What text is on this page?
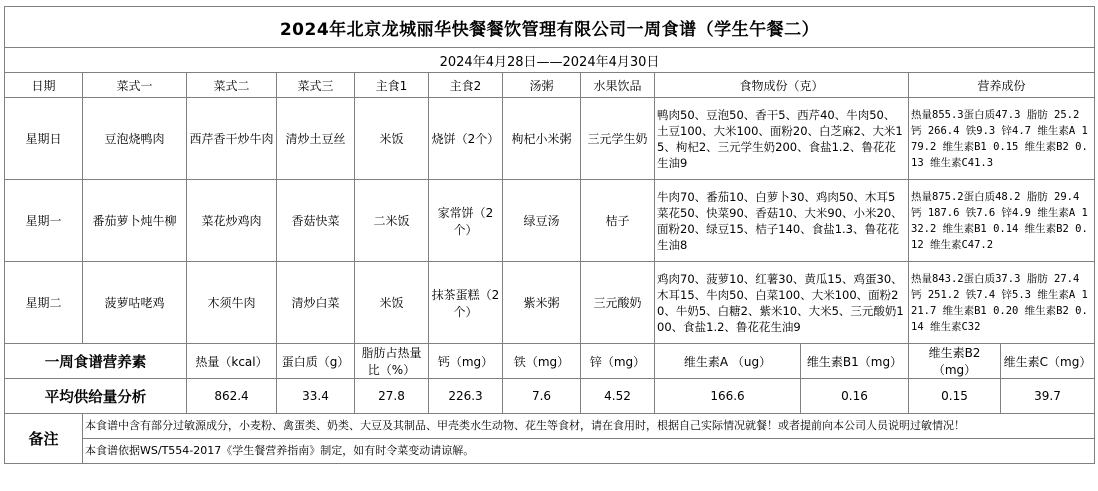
2024年北京龙城丽华快餐餐饮管理有限公司一周食谱（学生午餐二）											
2024年4月28日——2024年4月30日											
日期	菜式一	菜式二	菜式三	主食1	主食2	汤粥	水果饮品	食物成份（克）		营养成份	
星期日	豆泡烧鸭肉	西芹香干炒牛肉	清炒土豆丝	米饭	烧饼（2个）	枸杞小米粥	三元学生奶	鸭肉50、豆泡50、香干5、西芹40、牛肉50、土豆100、大米100、面粉20、白芝麻2、大米15、枸杞2、三元学生奶200、食盐1.2、鲁花花生油9		热量855.3蛋白质47.3 脂肪 25.2 钙 266.4 铁9.3 锌4.7 维生素A 179.2 维生素B1 0.15 维生素B2 0.13 维生素C41.3	
星期一	番茄萝卜炖牛柳	菜花炒鸡肉	香菇快菜	二米饭	家常饼（2个）	绿豆汤	桔子	牛肉70、番茄10、白萝卜30、鸡肉50、木耳5 菜花50、快菜90、香菇10、大米90、小米20、面粉20、绿豆15、桔子140、食盐1.3、鲁花花生油8		热量875.2蛋白质48.2 脂肪 29.4 钙 187.6 铁7.6 锌4.9 维生素A 132.2 维生素B1 0.14 维生素B2 0.12 维生素C47.2	
星期二	菠萝咕咾鸡	木须牛肉	清炒白菜	米饭	抹茶蛋糕（2个）	紫米粥	三元酸奶	鸡肉70、菠萝10、红薯30、黄瓜15、鸡蛋30、木耳15、牛肉50、白菜100、大米100、面粉20、牛奶5、白糖2、紫米10、大米5、三元酸奶100、食盐1.2、鲁花花生油9		热量843.2蛋白质37.3 脂肪 27.4 钙 251.2 铁7.4 锌5.3 维生素A 121.7 维生素B1 0.20 维生素B2 0.14 维生素C32	
一周食谱营养素		热量（kcal）	蛋白质（g）	脂肪占热量比（%）	钙（mg）	铁（mg）	锌（mg）	维生素A （ug）	维生素B1（mg）	维生素B2（mg）	维生素C（mg）
平均供给量分析		862.4	33.4	27.8	226.3	7.6	4.52	166.6	0.16	0.15	39.7
备注	本食谱中含有部分过敏源成分，小麦粉、禽蛋类、奶类、大豆及其制品、甲壳类水生动物、花生等食材，请在食用时，根据自己实际情况就餐！或者提前向本公司人员说明过敏情况！										
	本食谱依据WS/T554-2017《学生餐营养指南》制定，如有时令菜变动请谅解。										
